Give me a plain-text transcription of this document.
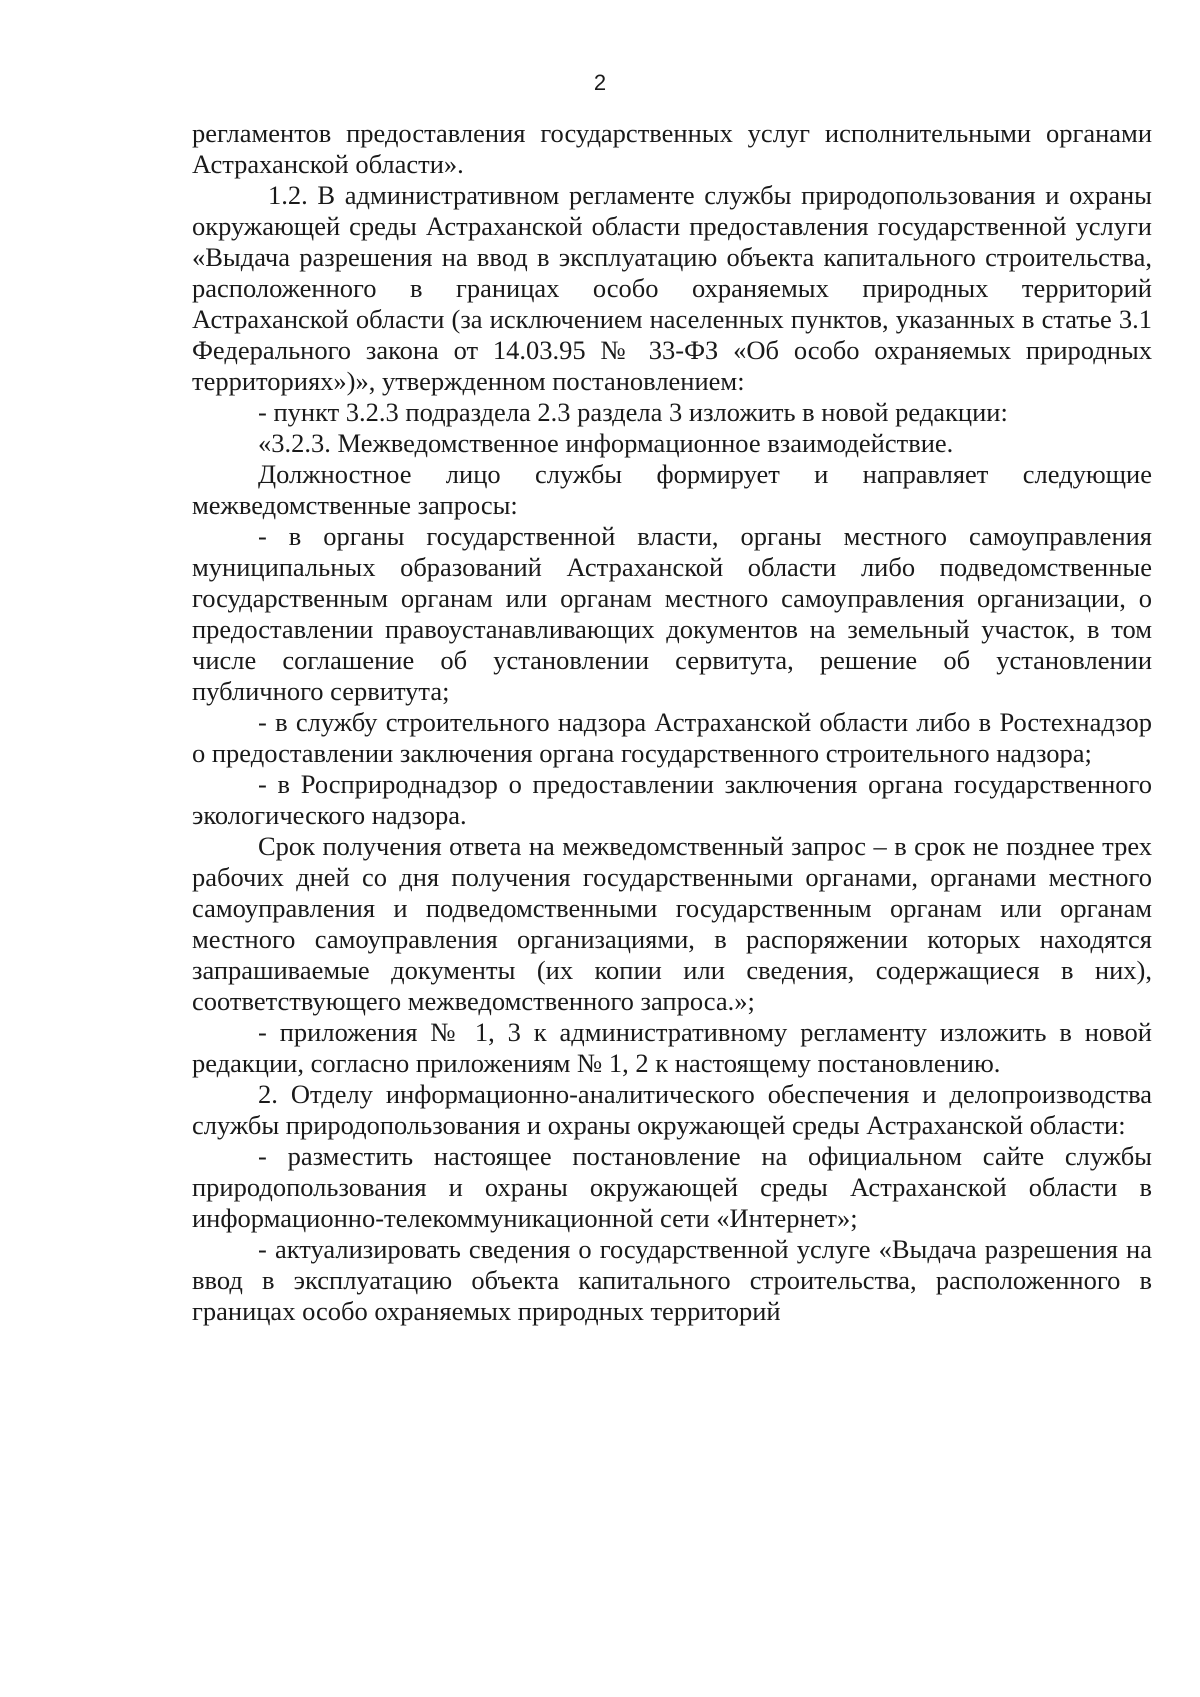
2

регламентов предоставления государственных услуг исполнительными органами Астраханской области».

1.2. В административном регламенте службы природопользования и охраны окружающей среды Астраханской области предоставления государственной услуги «Выдача разрешения на ввод в эксплуатацию объекта капитального строительства, расположенного в границах особо охраняемых природных территорий Астраханской области (за исключением населенных пунктов, указанных в статье 3.1 Федерального закона от 14.03.95 № 33-ФЗ «Об особо охраняемых природных территориях»)», утвержденном постановлением:

- пункт 3.2.3 подраздела 2.3 раздела 3 изложить в новой редакции:

«3.2.3. Межведомственное информационное взаимодействие.

Должностное лицо службы формирует и направляет следующие межведомственные запросы:

- в органы государственной власти, органы местного самоуправления муниципальных образований Астраханской области либо подведомственные государственным органам или органам местного самоуправления организации, о предоставлении правоустанавливающих документов на земельный участок, в том числе соглашение об установлении сервитута, решение об установлении публичного сервитута;

- в службу строительного надзора Астраханской области либо в Ростехнадзор о предоставлении заключения органа государственного строительного надзора;

- в Росприроднадзор о предоставлении заключения органа государственного экологического надзора.

Срок получения ответа на межведомственный запрос – в срок не позднее трех рабочих дней со дня получения государственными органами, органами местного самоуправления и подведомственными государственным органам или органам местного самоуправления организациями, в распоряжении которых находятся запрашиваемые документы (их копии или сведения, содержащиеся в них), соответствующего межведомственного запроса.»;

- приложения № 1, 3 к административному регламенту изложить в новой редакции, согласно приложениям № 1, 2 к настоящему постановлению.

2. Отделу информационно-аналитического обеспечения и делопроизводства службы природопользования и охраны окружающей среды Астраханской области:

- разместить настоящее постановление на официальном сайте службы природопользования и охраны окружающей среды Астраханской области в информационно-телекоммуникационной сети «Интернет»;

- актуализировать сведения о государственной услуге «Выдача разрешения на ввод в эксплуатацию объекта капитального строительства, расположенного в границах особо охраняемых природных территорий
